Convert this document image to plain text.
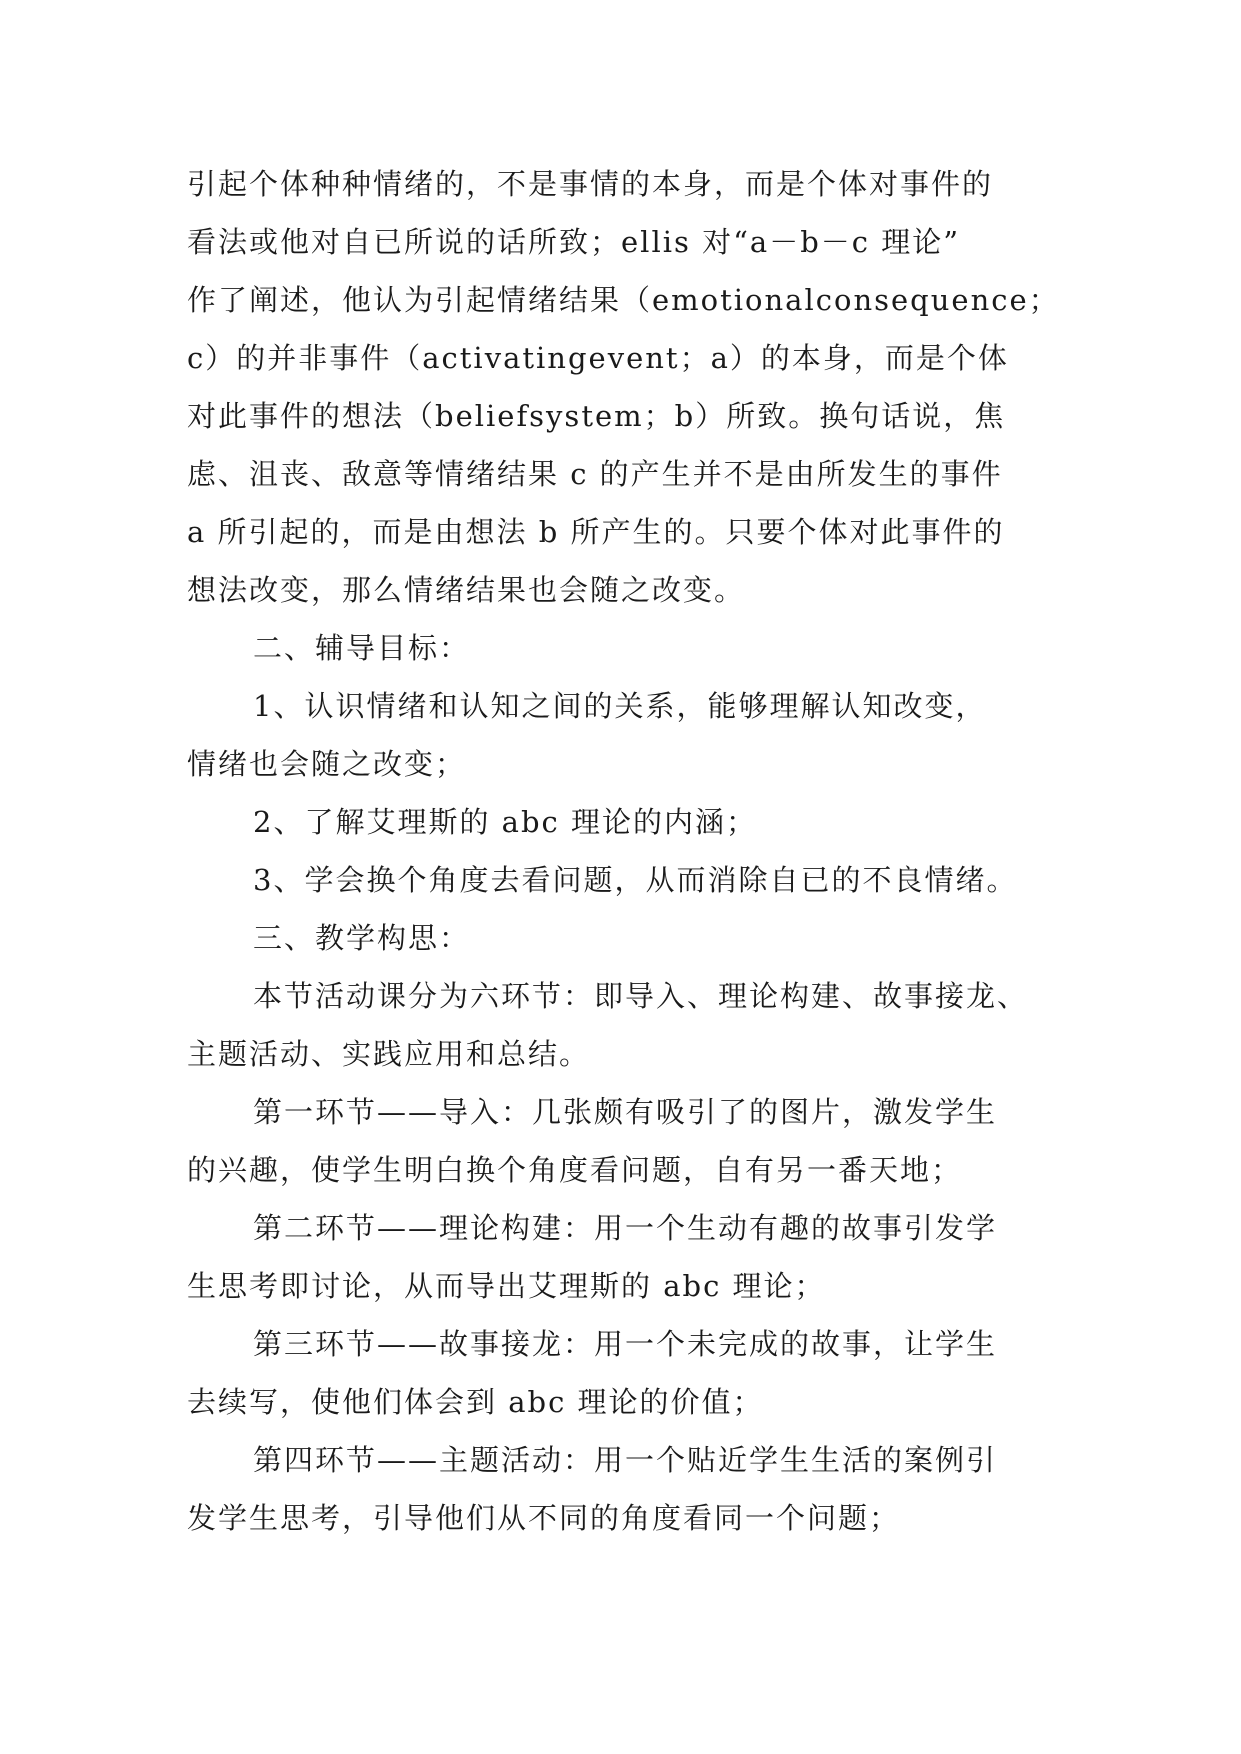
引起个体种种情绪的，不是事情的本身，而是个体对事件的
看法或他对自已所说的话所致；ellis 对“a－b－c 理论”
作了阐述，他认为引起情绪结果（emotionalconsequence；
c）的并非事件（activatingevent；a）的本身，而是个体
对此事件的想法（beliefsystem；b）所致。换句话说，焦
虑、沮丧、敌意等情绪结果 c 的产生并不是由所发生的事件
a 所引起的，而是由想法 b 所产生的。只要个体对此事件的
想法改变，那么情绪结果也会随之改变。
二、辅导目标：
1、认识情绪和认知之间的关系，能够理解认知改变，
情绪也会随之改变；
2、了解艾理斯的 abc 理论的内涵；
3、学会换个角度去看问题，从而消除自已的不良情绪。
三、教学构思：
本节活动课分为六环节：即导入、理论构建、故事接龙、
主题活动、实践应用和总结。
第一环节——导入：几张颇有吸引了的图片，激发学生
的兴趣，使学生明白换个角度看问题，自有另一番天地；
第二环节——理论构建：用一个生动有趣的故事引发学
生思考即讨论，从而导出艾理斯的 abc 理论；
第三环节——故事接龙：用一个未完成的故事，让学生
去续写，使他们体会到 abc 理论的价值；
第四环节——主题活动：用一个贴近学生生活的案例引
发学生思考，引导他们从不同的角度看同一个问题；
